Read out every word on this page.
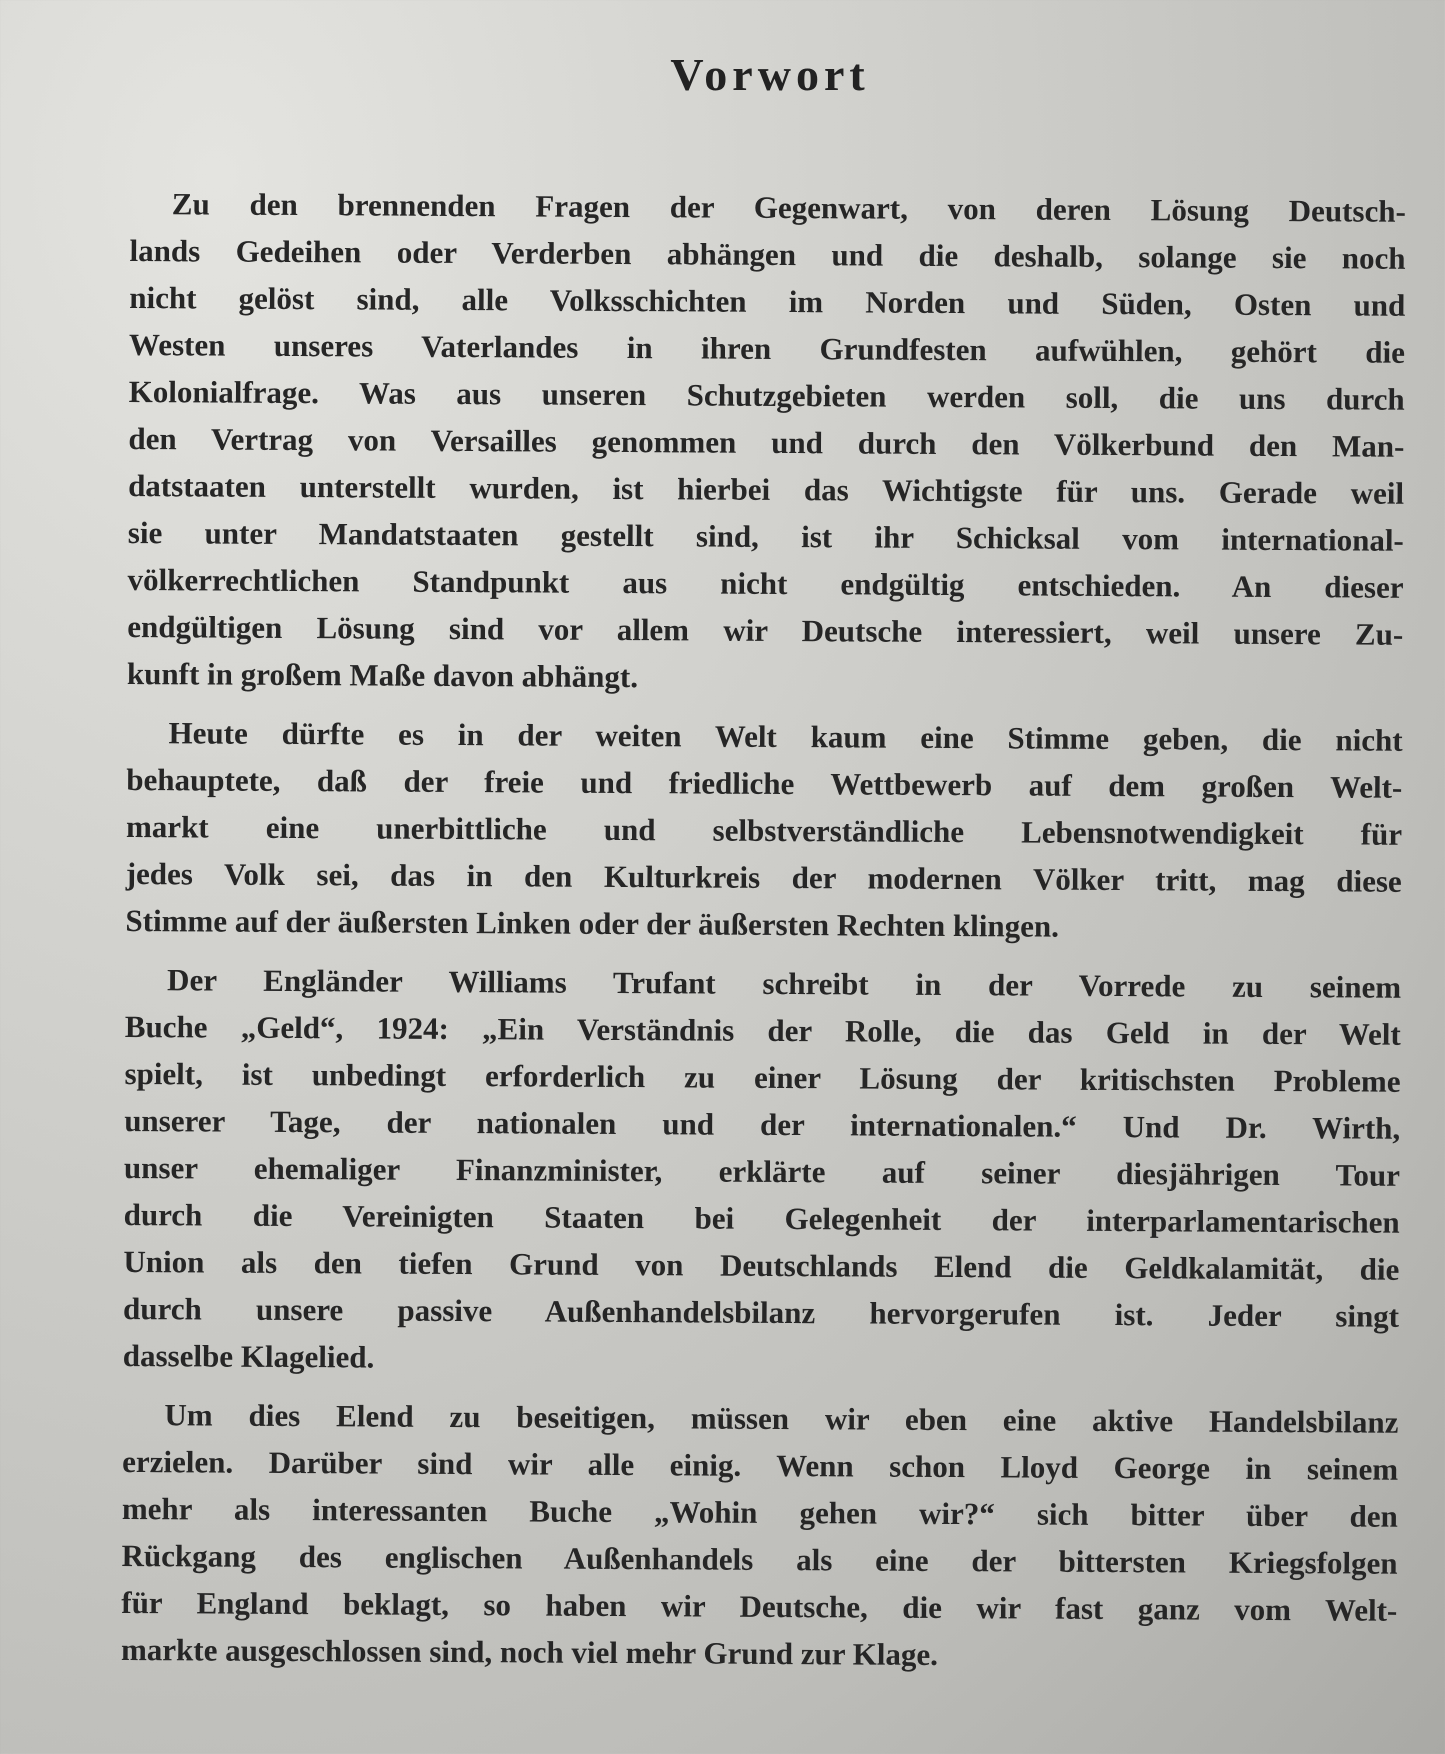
Vorwort
Zu den brennenden Fragen der Gegenwart, von deren Lösung Deutsch-
lands Gedeihen oder Verderben abhängen und die deshalb, solange sie noch
nicht gelöst sind, alle Volksschichten im Norden und Süden, Osten und
Westen unseres Vaterlandes in ihren Grundfesten aufwühlen, gehört die
Kolonialfrage. Was aus unseren Schutzgebieten werden soll, die uns durch
den Vertrag von Versailles genommen und durch den Völkerbund den Man-
datstaaten unterstellt wurden, ist hierbei das Wichtigste für uns. Gerade weil
sie unter Mandatstaaten gestellt sind, ist ihr Schicksal vom international-
völkerrechtlichen Standpunkt aus nicht endgültig entschieden. An dieser
endgültigen Lösung sind vor allem wir Deutsche interessiert, weil unsere Zu-
kunft in großem Maße davon abhängt.
Heute dürfte es in der weiten Welt kaum eine Stimme geben, die nicht
behauptete, daß der freie und friedliche Wettbewerb auf dem großen Welt-
markt eine unerbittliche und selbstverständliche Lebensnotwendigkeit für
jedes Volk sei, das in den Kulturkreis der modernen Völker tritt, mag diese
Stimme auf der äußersten Linken oder der äußersten Rechten klingen.
Der Engländer Williams Trufant schreibt in der Vorrede zu seinem
Buche „Geld“, 1924: „Ein Verständnis der Rolle, die das Geld in der Welt
spielt, ist unbedingt erforderlich zu einer Lösung der kritischsten Probleme
unserer Tage, der nationalen und der internationalen.“ Und Dr. Wirth,
unser ehemaliger Finanzminister, erklärte auf seiner diesjährigen Tour
durch die Vereinigten Staaten bei Gelegenheit der interparlamentarischen
Union als den tiefen Grund von Deutschlands Elend die Geldkalamität, die
durch unsere passive Außenhandelsbilanz hervorgerufen ist. Jeder singt
dasselbe Klagelied.
Um dies Elend zu beseitigen, müssen wir eben eine aktive Handelsbilanz
erzielen. Darüber sind wir alle einig. Wenn schon Lloyd George in seinem
mehr als interessanten Buche „Wohin gehen wir?“ sich bitter über den
Rückgang des englischen Außenhandels als eine der bittersten Kriegsfolgen
für England beklagt, so haben wir Deutsche, die wir fast ganz vom Welt-
markte ausgeschlossen sind, noch viel mehr Grund zur Klage.
